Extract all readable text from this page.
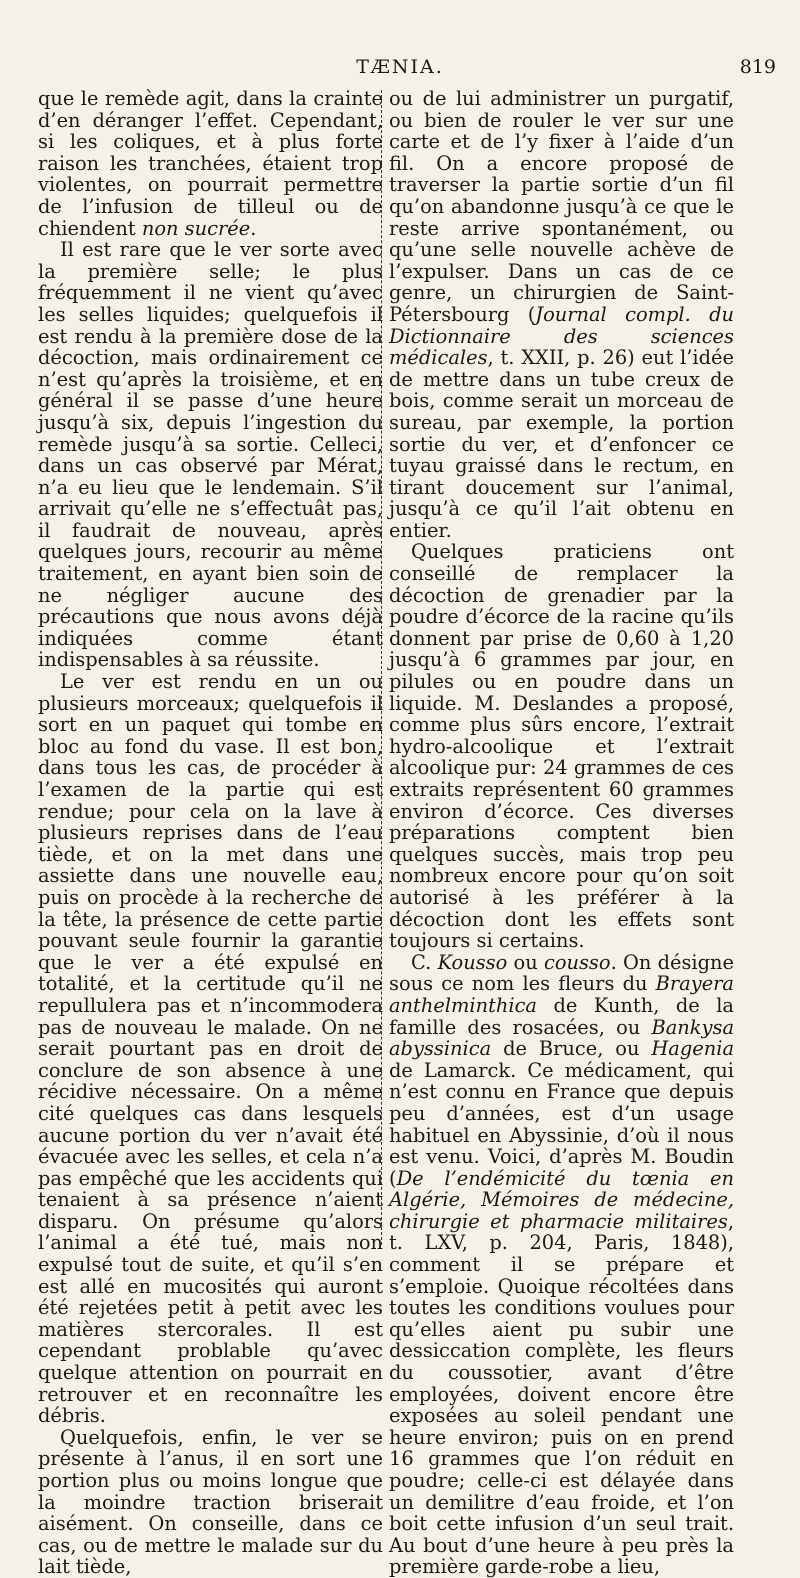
TÆNIA.	819

que le remède agit, dans la crainte d’en déranger l’effet. Cependant, si les coliques, et à plus forte raison les tranchées, étaient trop violentes, on pourrait permettre de l’infusion de tilleul ou de chiendent non sucrée.

Il est rare que le ver sorte avec la première selle; le plus fréquemment il ne vient qu’avec les selles liquides; quelquefois il est rendu à la première dose de la décoction, mais ordinairement ce n’est qu’après la troisième, et en général il se passe d’une heure jusqu’à six, depuis l’ingestion du remède jusqu’à sa sortie. Celleci, dans un cas observé par Mérat, n’a eu lieu que le lendemain. S’il arrivait qu’elle ne s’effectuât pas, il faudrait de nouveau, après quelques jours, recourir au même traitement, en ayant bien soin de ne négliger aucune des précautions que nous avons déjà indiquées comme étant indispensables à sa réussite.

Le ver est rendu en un ou plusieurs morceaux; quelquefois il sort en un paquet qui tombe en bloc au fond du vase. Il est bon, dans tous les cas, de procéder à l’examen de la partie qui est rendue; pour cela on la lave à plusieurs reprises dans de l’eau tiède, et on la met dans une assiette dans une nouvelle eau, puis on procède à la recherche de la tête, la présence de cette partie pouvant seule fournir la garantie que le ver a été expulsé en totalité, et la certitude qu’il ne repullulera pas et n’incommodera pas de nouveau le malade. On ne serait pourtant pas en droit de conclure de son absence à une récidive nécessaire. On a même cité quelques cas dans lesquels aucune portion du ver n’avait été évacuée avec les selles, et cela n’a pas empêché que les accidents qui tenaient à sa présence n’aient disparu. On présume qu’alors l’animal a été tué, mais non expulsé tout de suite, et qu’il s’en est allé en mucosités qui auront été rejetées petit à petit avec les matières stercorales. Il est cependant problable qu’avec quelque attention on pourrait en retrouver et en reconnaître les débris.

Quelquefois, enfin, le ver se présente à l’anus, il en sort une portion plus ou moins longue que la moindre traction briserait aisément. On conseille, dans ce cas, ou de mettre le malade sur du lait tiède,

ou de lui administrer un purgatif, ou bien de rouler le ver sur une carte et de l’y fixer à l’aide d’un fil. On a encore proposé de traverser la partie sortie d’un fil qu’on abandonne jusqu’à ce que le reste arrive spontanément, ou qu’une selle nouvelle achève de l’expulser. Dans un cas de ce genre, un chirurgien de Saint-Pétersbourg (Journal compl. du Dictionnaire des sciences médicales, t. XXII, p. 26) eut l’idée de mettre dans un tube creux de bois, comme serait un morceau de sureau, par exemple, la portion sortie du ver, et d’enfoncer ce tuyau graissé dans le rectum, en tirant doucement sur l’animal, jusqu’à ce qu’il l’ait obtenu en entier.

Quelques praticiens ont conseillé de remplacer la décoction de grenadier par la poudre d’écorce de la racine qu’ils donnent par prise de 0,60 à 1,20 jusqu’à 6 grammes par jour, en pilules ou en poudre dans un liquide. M. Deslandes a proposé, comme plus sûrs encore, l’extrait hydro-alcoolique et l’extrait alcoolique pur: 24 grammes de ces extraits représentent 60 grammes environ d’écorce. Ces diverses préparations comptent bien quelques succès, mais trop peu nombreux encore pour qu’on soit autorisé à les préférer à la décoction dont les effets sont toujours si certains.

C. Kousso ou cousso. On désigne sous ce nom les fleurs du Brayera anthelminthica de Kunth, de la famille des rosacées, ou Bankysa abyssinica de Bruce, ou Hagenia de Lamarck. Ce médicament, qui n’est connu en France que depuis peu d’années, est d’un usage habituel en Abyssinie, d’où il nous est venu. Voici, d’après M. Boudin (De l’endémicité du tœnia en Algérie, Mémoires de médecine, chirurgie et pharmacie militaires, t. LXV, p. 204, Paris, 1848), comment il se prépare et s’emploie. Quoique récoltées dans toutes les conditions voulues pour qu’elles aient pu subir une dessiccation complète, les fleurs du coussotier, avant d’être employées, doivent encore être exposées au soleil pendant une heure environ; puis on en prend 16 grammes que l’on réduit en poudre; celle-ci est délayée dans un demilitre d’eau froide, et l’on boit cette infusion d’un seul trait. Au bout d’une heure à peu près la première garde-robe a lieu,
